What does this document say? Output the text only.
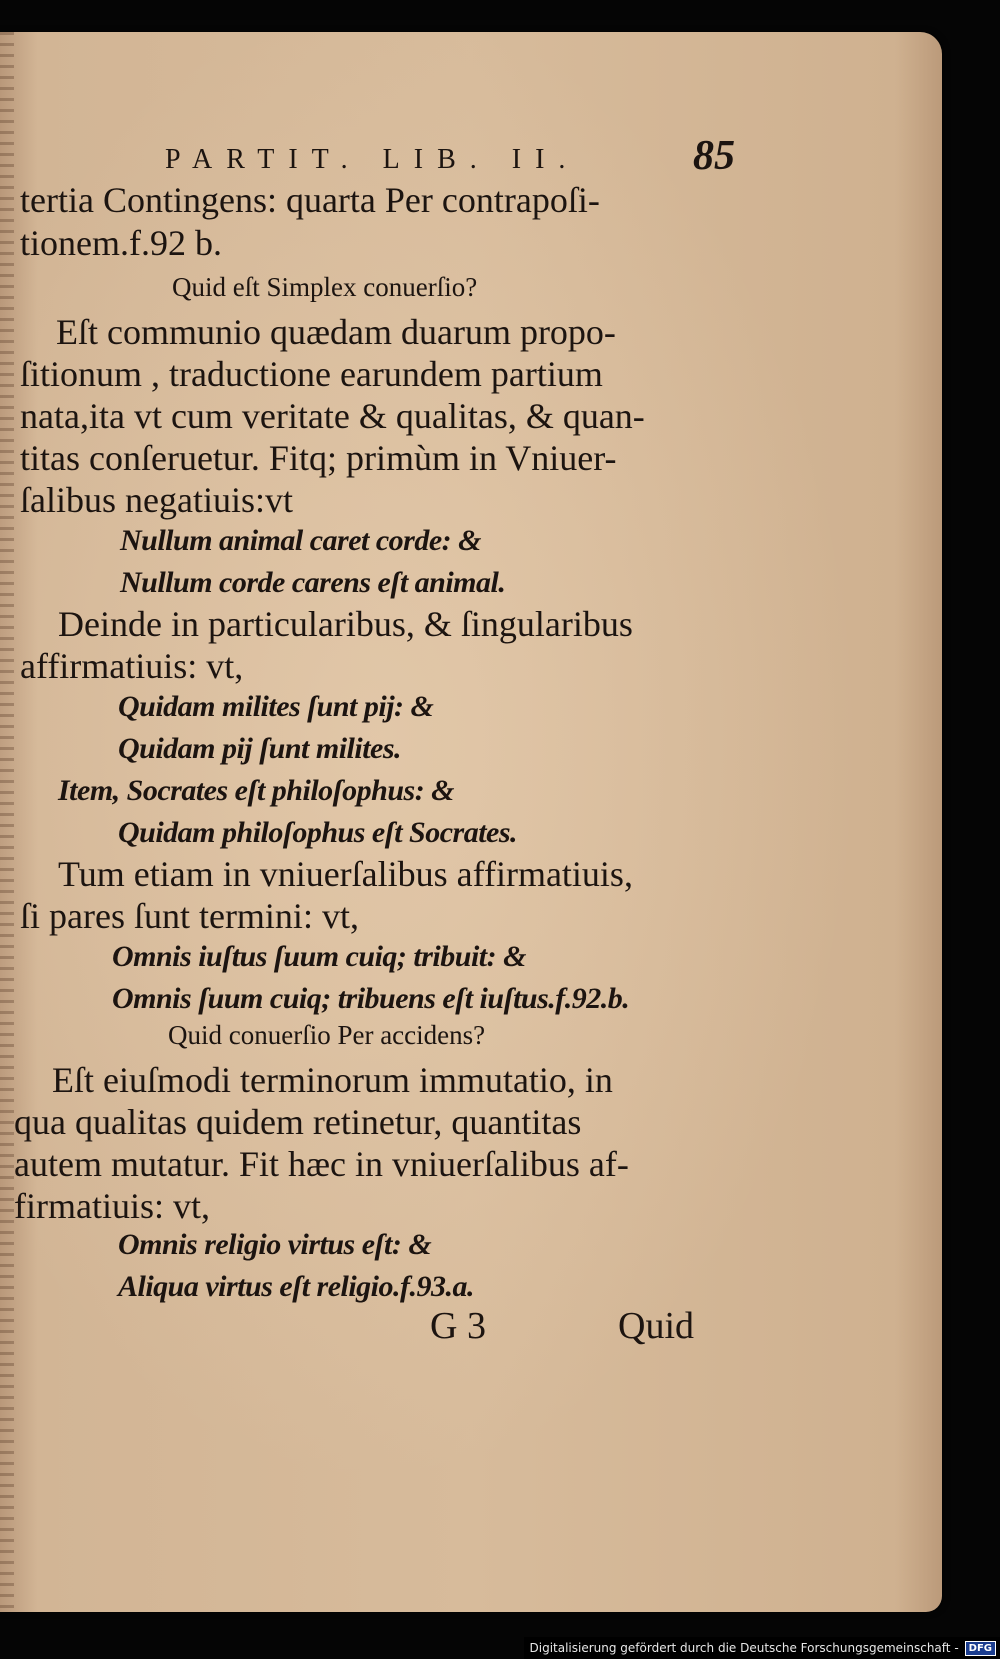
PARTIT. LIB. II.	85
tertia Contingens: quarta Per contrapoſi-
tionem.f.92 b.
Quid eſt Simplex conuerſio?
Eſt communio quædam duarum propo-
ſitionum , traductione earundem partium
nata,ita vt cum veritate & qualitas, & quan-
titas conſeruetur. Fitq; primùm in Vniuer-
ſalibus negatiuis:vt
Nullum animal caret corde: &
Nullum corde carens eſt animal.
Deinde in particularibus, & ſingularibus
affirmatiuis: vt,
Quidam milites ſunt pij: &
Quidam pij ſunt milites.
Item, Socrates eſt philoſophus: &
Quidam philoſophus eſt Socrates.
Tum etiam in vniuerſalibus affirmatiuis,
ſi pares ſunt termini: vt,
Omnis iuſtus ſuum cuiq; tribuit: &
Omnis ſuum cuiq; tribuens eſt iuſtus.f.92.b.
Quid conuerſio Per accidens?
Eſt eiuſmodi terminorum immutatio, in
qua qualitas quidem retinetur, quantitas
autem mutatur. Fit hæc in vniuerſalibus af-
firmatiuis: vt,
Omnis religio virtus eſt: &
Aliqua virtus eſt religio.f.93.a.
G 3	Quid
Digitalisierung gefördert durch die Deutsche Forschungsgemeinschaft -	DFG
